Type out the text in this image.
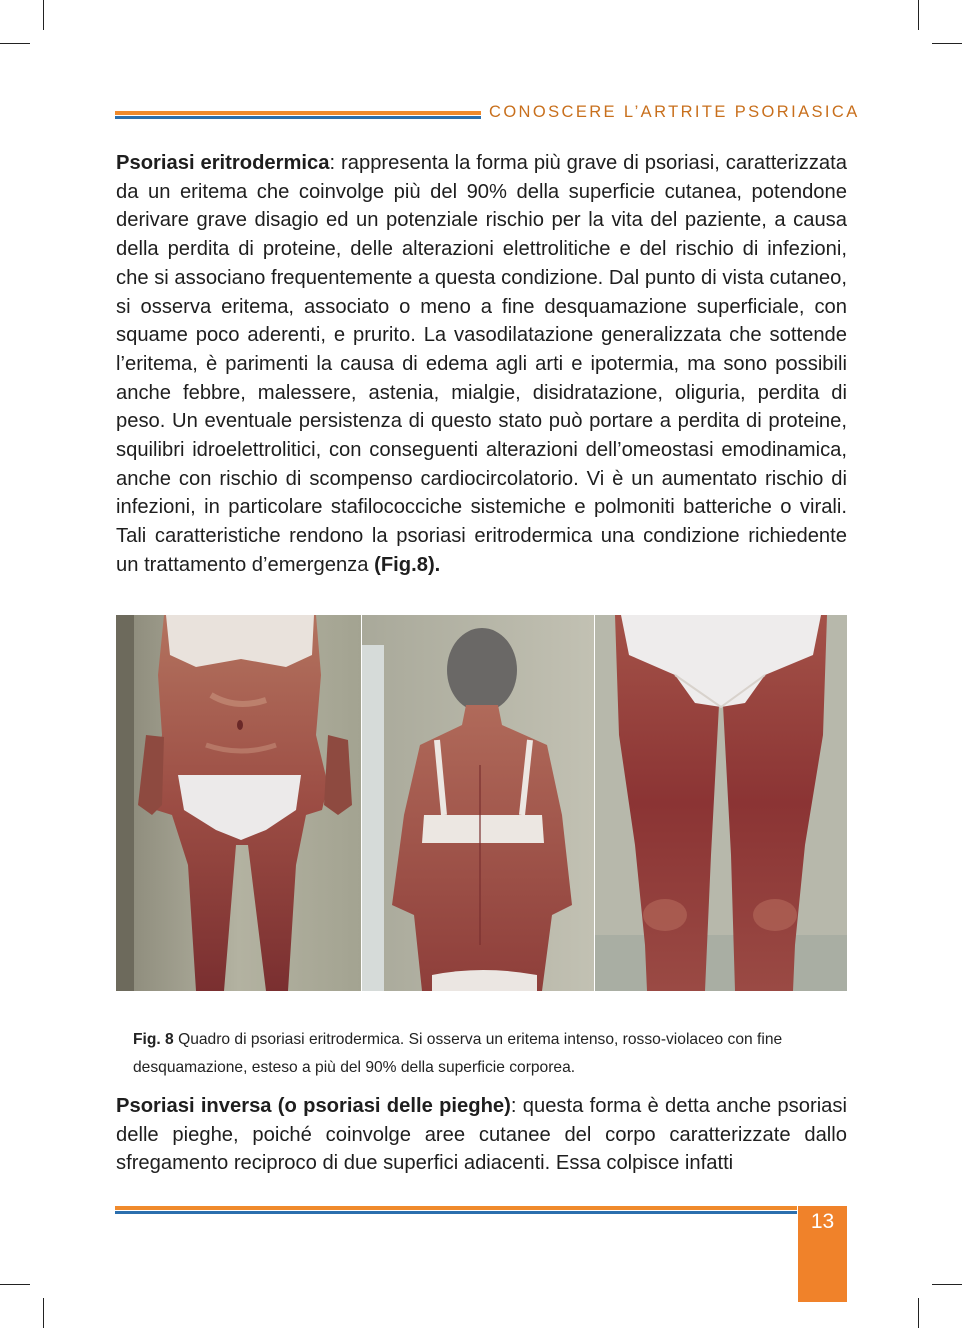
CONOSCERE L’ARTRITE PSORIASICA
Psoriasi eritrodermica: rappresenta la forma più grave di psoriasi, caratterizzata da un eritema che coinvolge più del 90% della superficie cutanea, potendone derivare grave disagio ed un potenziale rischio per la vita del paziente, a causa della perdita di proteine, delle alterazioni elettrolitiche e del rischio di infezioni, che si associano frequentemente a questa condizione. Dal punto di vista cutaneo, si osserva eritema, associato o meno a fine desquamazione superficiale, con squame poco aderenti, e prurito. La vasodilatazione generalizzata che sottende l’eritema, è parimenti la causa di edema agli arti e ipotermia, ma sono possibili anche febbre, malessere, astenia, mialgie, disidratazione, oliguria, perdita di peso. Un eventuale persistenza di questo stato può portare a perdita di proteine, squilibri idroelettrolitici, con conseguenti alterazioni dell’omeostasi emodinamica, anche con rischio di scompenso cardiocircolatorio. Vi è un aumentato rischio di infezioni, in particolare stafilococciche sistemiche e polmoniti batteriche o virali. Tali caratteristiche rendono la psoriasi eritrodermica una condizione richiedente un trattamento d’emergenza (Fig.8).
Fig. 8 Quadro di psoriasi eritrodermica. Si osserva un eritema intenso, rosso-violaceo con fine desquamazione, esteso a più del 90% della superficie corporea.
Psoriasi inversa (o psoriasi delle pieghe): questa forma è detta anche psoriasi delle pieghe, poiché coinvolge aree cutanee del corpo caratterizzate dallo sfregamento reciproco di due superfici adiacenti. Essa colpisce infatti
13
